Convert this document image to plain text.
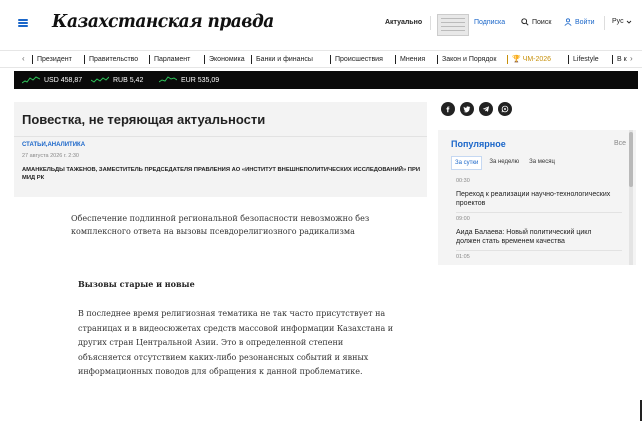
Казахстанская правда	Актуально	Подписка	Поиск	Войти Рус
‹	Президент	Правительство	Парламент	Экономика	Банки и финансы	Происшествия	Мнения	Закон и Порядок	🏆 ЧМ-2026	Lifestyle	В к ›
USD 458,87	RUB 5,42	EUR 535,09
Повестка, не теряющая актуальности
СТАТЬИ,АНАЛИТИКА
27 августа 2026 г. 2:30
АМАНКЕЛЬДЫ ТАЖЕНОВ, ЗАМЕСТИТЕЛЬ ПРЕДСЕДАТЕЛЯ ПРАВЛЕНИЯ АО «ИНСТИТУТ ВНЕШНЕПОЛИТИЧЕСКИХ ИССЛЕДОВАНИЙ» ПРИ МИД РК
Популярное	Все
За сутки	За неделю	За месяц
00:30
Переход к реализации научно-технологических проектов
09:00
Аида Балаева: Новый политический цикл должен стать временем качества
01:05
Обеспечение подлинной региональной безопасности невозможно без комплексного ответа на вызовы псевдорелигиозного радикализма
Вызовы старые и новые
В последнее время религиозная тематика не так часто присутствует на страницах и в видеосюжетах средств массовой информации Казахстана и других стран Центральной Азии. Это в определенной степени объясняется отсутствием каких-либо резонансных событий и явных информационных поводов для обращения к данной проблематике.
